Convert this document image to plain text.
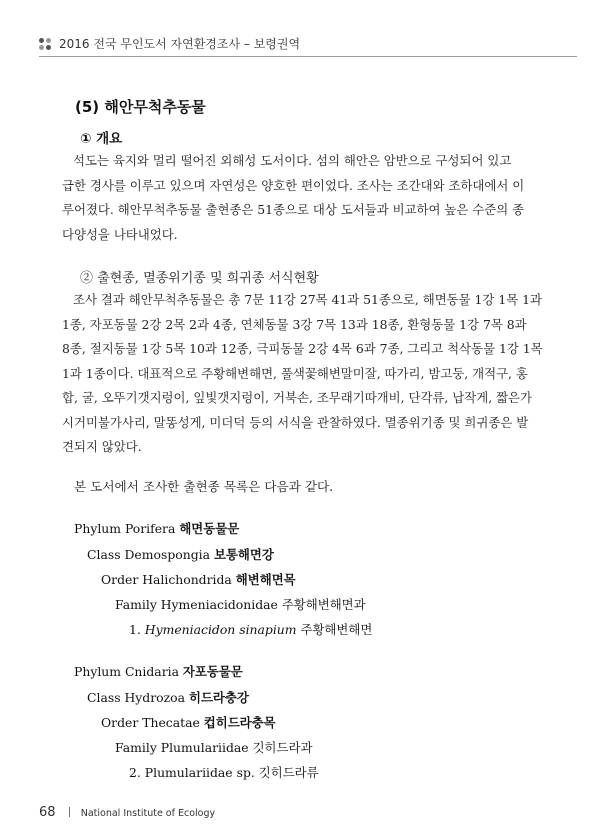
2016 전국 무인도서 자연환경조사 – 보령권역
(5) 해안무척추동물
① 개요

석도는 육지와 멀리 떨어진 외해성 도서이다. 섬의 해안은 암반으로 구성되어 있고
급한 경사를 이루고 있으며 자연성은 양호한 편이었다. 조사는 조간대와 조하대에서 이
루어졌다. 해안무척추동물 출현종은 51종으로 대상 도서들과 비교하여 높은 수준의 종
다양성을 나타내었다.

② 출현종, 멸종위기종 및 희귀종 서식현황

조사 결과 해안무척추동물은 총 7문 11강 27목 41과 51종으로, 해면동물 1강 1목 1과
1종, 자포동물 2강 2목 2과 4종, 연체동물 3강 7목 13과 18종, 환형동물 1강 7목 8과
8종, 절지동물 1강 5목 10과 12종, 극피동물 2강 4목 6과 7종, 그리고 척삭동물 1강 1목
1과 1종이다. 대표적으로 주황해변해면, 풀색꽃해변말미잘, 따가리, 밤고둥, 개적구, 홍
합, 굴, 오뚜기갯지렁이, 잎빛갯지렁이, 거북손, 조무래기따개비, 단각류, 납작게, 짧은가
시거미불가사리, 말똥성게, 미더덕 등의 서식을 관찰하였다. 멸종위기종 및 희귀종은 발
견되지 않았다.

본 도서에서 조사한 출현종 목록은 다음과 같다.

Phylum Porifera 해면동물문
Class Demospongia 보통해면강
Order Halichondrida 해변해면목
Family Hymeniacidonidae 주황해변해면과
1. Hymeniacidon sinapium 주황해변해면
Phylum Cnidaria 자포동물문
Class Hydrozoa 히드라충강
Order Thecatae 컵히드라충목
Family Plumulariidae 깃히드라과
2. Plumulariidae sp. 깃히드라류
68	National Institute of Ecology
